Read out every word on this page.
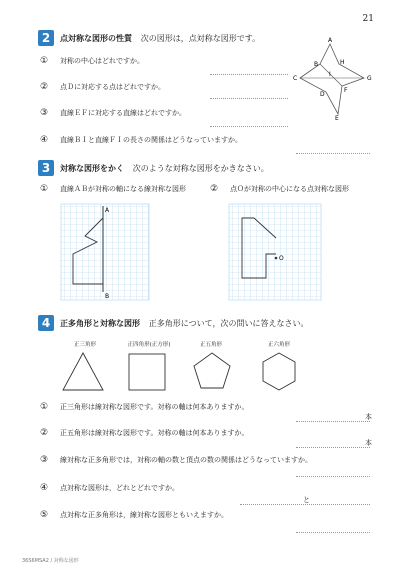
21
2	点対称な図形の性質 次の図形は，点対称な図形です。
①	対称の中心はどれですか。
②	点Ｄに対応する点はどれですか。
③	直線ＥＦに対応する直線はどれですか。
④	直線ＢＩと直線ＦＩの長さの関係はどうなっていますか。
A
B	H
C
I
G
F
D
E
3	対称な図形をかく 次のような対称な図形をかきなさい。
①	直線ＡＢが対称の軸になる線対称な図形	②	点Ｏが対称の中心になる点対称な図形
A
B
O
4	正多角形と対称な図形 正多角形について，次の問いに答えなさい。
正三角形	正四角形(正方形)	正五角形	正六角形
①	正三角形は線対称な図形です。対称の軸は何本ありますか。
本
②	正五角形は線対称な図形です。対称の軸は何本ありますか。
本
③	線対称な正多角形では，対称の軸の数と頂点の数の関係はどうなっていますか。
④	点対称な図形は，どれとどれですか。
と
⑤	点対称な正多角形は，線対称な図形ともいえますか。
36S6MSA2 / 対称な図形
